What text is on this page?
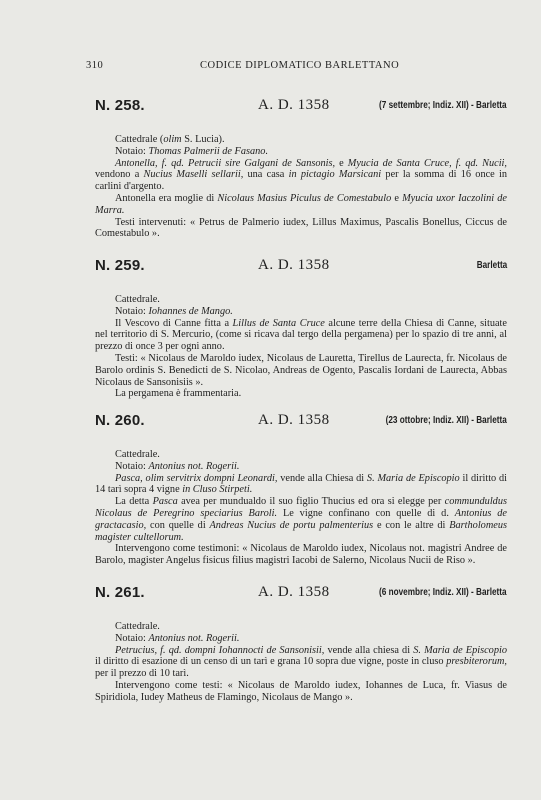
310	CODICE DIPLOMATICO BARLETTANO
N. 258.	A. D. 1358	(7 settembre; Indiz. XII) - Barletta

Cattedrale (olim S. Lucia).

Notaio: Thomas Palmerii de Fasano.

Antonella, f. qd. Petrucii sire Galgani de Sansonis, e Myucia de Santa Cruce, f. qd. Nucii, vendono a Nucius Maselli sellarii, una casa in pictagio Marsicani per la somma di 16 once in carlini d'argento.

Antonella era moglie di Nicolaus Masius Piculus de Comestabulo e Myucia uxor Iaczolini de Marra.

Testi intervenuti: « Petrus de Palmerio iudex, Lillus Maximus, Pascalis Bonellus, Ciccus de Comestabulo ».

N. 259.	A. D. 1358	Barletta

Cattedrale.

Notaio: Iohannes de Mango.

Il Vescovo di Canne fitta a Lillus de Santa Cruce alcune terre della Chiesa di Canne, situate nel territorio di S. Mercurio, (come si ricava dal tergo della pergamena) per lo spazio di tre anni, al prezzo di once 3 per ogni anno.

Testi: « Nicolaus de Maroldo iudex, Nicolaus de Lauretta, Tirellus de Laurecta, fr. Nicolaus de Barolo ordinis S. Benedicti de S. Nicolao, Andreas de Ogento, Pascalis Iordani de Laurecta, Abbas Nicolaus de Sansonisiis ».

La pergamena è frammentaria.

N. 260.	A. D. 1358	(23 ottobre; Indiz. XII) - Barletta

Cattedrale.

Notaio: Antonius not. Rogerii.

Pasca, olim servitrix dompni Leonardi, vende alla Chiesa di S. Maria de Episcopio il diritto di 14 tarì sopra 4 vigne in Cluso Stirpeti.

La detta Pasca avea per mundualdo il suo figlio Thucius ed ora si elegge per communduldus Nicolaus de Peregrino speciarius Baroli. Le vigne confinano con quelle di d. Antonius de gractacasio, con quelle di Andreas Nucius de portu palmenterius e con le altre di Bartholomeus magister cultellorum.

Intervengono come testimoni: « Nicolaus de Maroldo iudex, Nicolaus not. magistri Andree de Barolo, magister Angelus fisicus filius magistri Iacobi de Salerno, Nicolaus Nucii de Riso ».

N. 261.	A. D. 1358	(6 novembre; Indiz. XII) - Barletta

Cattedrale.

Notaio: Antonius not. Rogerii.

Petrucius, f. qd. dompni Iohannocti de Sansonisii, vende alla chiesa di S. Maria de Episcopio il diritto di esazione di un censo di un tarì e grana 10 sopra due vigne, poste in cluso presbiterorum, per il prezzo di 10 tarì.

Intervengono come testi: « Nicolaus de Maroldo iudex, Iohannes de Luca, fr. Viasus de Spiridiola, Iudey Matheus de Flamingo, Nicolaus de Mango ».
